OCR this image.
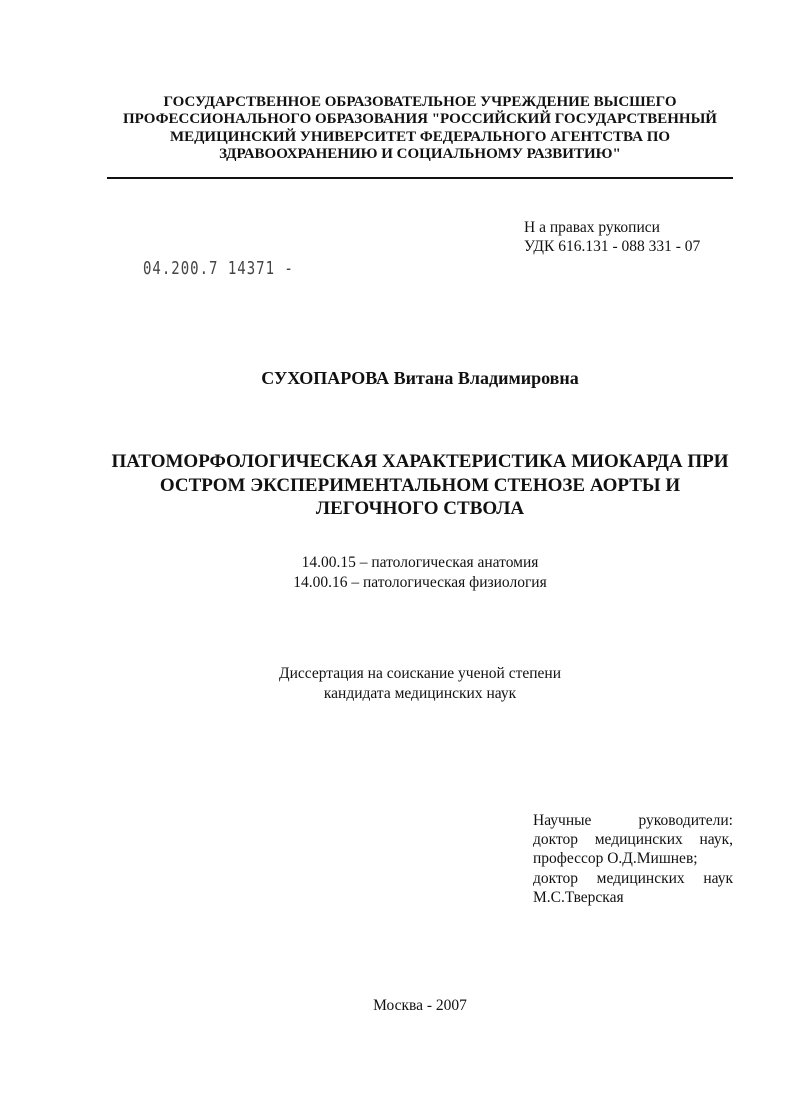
ГОСУДАРСТВЕННОЕ ОБРАЗОВАТЕЛЬНОЕ УЧРЕЖДЕНИЕ ВЫСШЕГО
ПРОФЕССИОНАЛЬНОГО ОБРАЗОВАНИЯ "РОССИЙСКИЙ ГОСУДАРСТВЕННЫЙ
МЕДИЦИНСКИЙ УНИВЕРСИТЕТ ФЕДЕРАЛЬНОГО АГЕНТСТВА ПО
ЗДРАВООХРАНЕНИЮ И СОЦИАЛЬНОМУ РАЗВИТИЮ"
Н а правах рукописи
УДК 616.131 - 088 331 - 07
04.200.7 14371 -
СУХОПАРОВА Витана Владимировна
ПАТОМОРФОЛОГИЧЕСКАЯ ХАРАКТЕРИСТИКА МИОКАРДА ПРИ
ОСТРОМ ЭКСПЕРИМЕНТАЛЬНОМ СТЕНОЗЕ АОРТЫ И
ЛЕГОЧНОГО СТВОЛА
14.00.15 – патологическая анатомия
14.00.16 – патологическая физиология
Диссертация на соискание ученой степени
кандидата медицинских наук
Научные руководители:
доктор медицинских наук,
профессор О.Д.Мишнев;
доктор медицинских наук
М.С.Тверская
Москва - 2007
